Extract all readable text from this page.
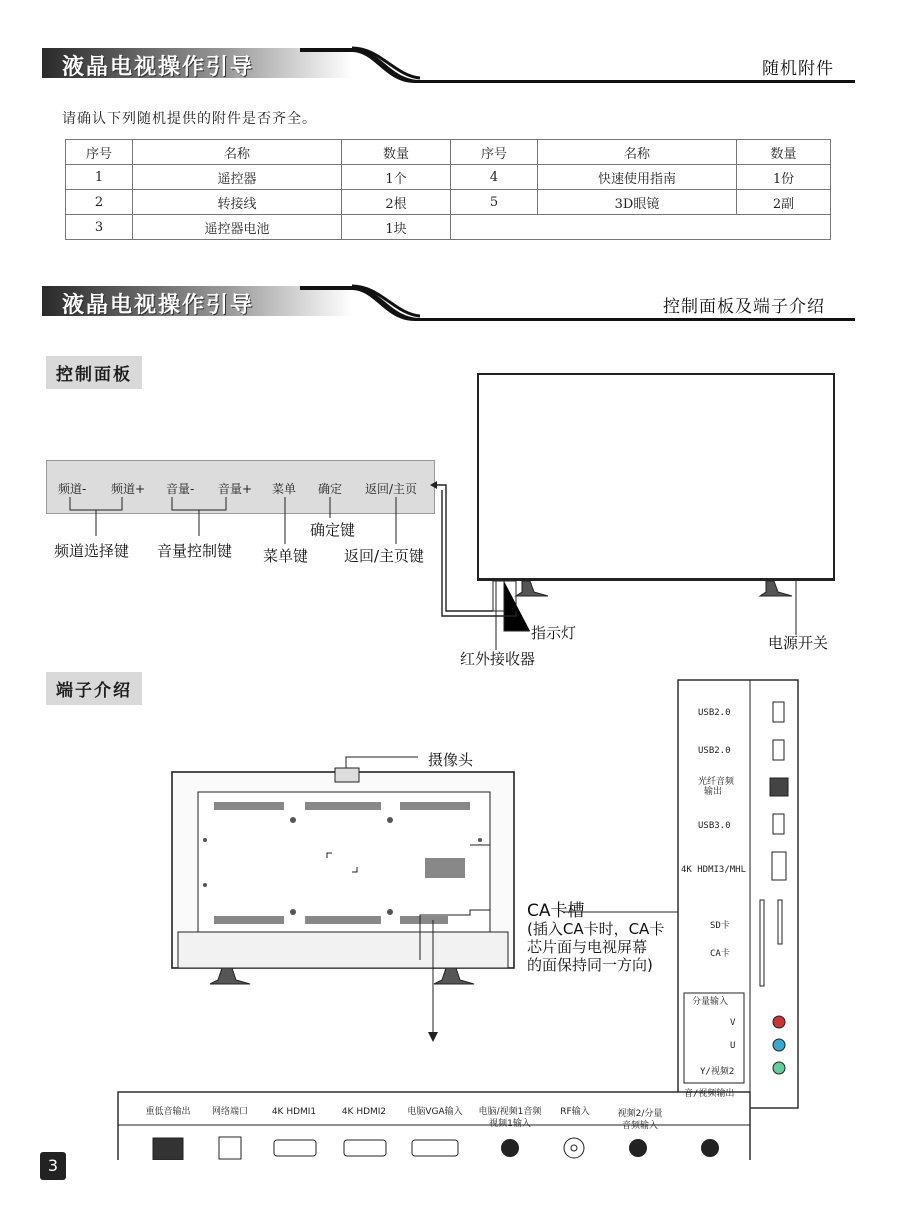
液晶电视操作引导	随机附件
请确认下列随机提供的附件是否齐全。
序号	名称	数量	序号	名称	数量
1	遥控器	1个	4	快速使用指南	1份
2	转接线	2根	5	3D眼镜	2副
3	遥控器电池	1块			
液晶电视操作引导	控制面板及端子介绍
控制面板
频道- 频道+ 音量- 音量+ 菜单 确定 返回/主页
频道选择键 音量控制键 菜单键
确定键
返回/主页键
指示灯
红外接收器
电源开关
端子介绍
摄像头
CA卡槽
(插入CA卡时，CA卡
芯片面与电视屏幕
的面保持同一方向)
USB2.0
USB2.0
光纤音频
输出
USB3.0
4K HDMI3/MHL
SD卡
CA卡
分量输入
V
U
Y/视频2
音/视频输出
重低音输出	网络端口	4K HDMI1	4K HDMI2	电脑VGA输入	电脑/视频1音频
视频1输入
RF输入	视频2/分量
音频输入
3
